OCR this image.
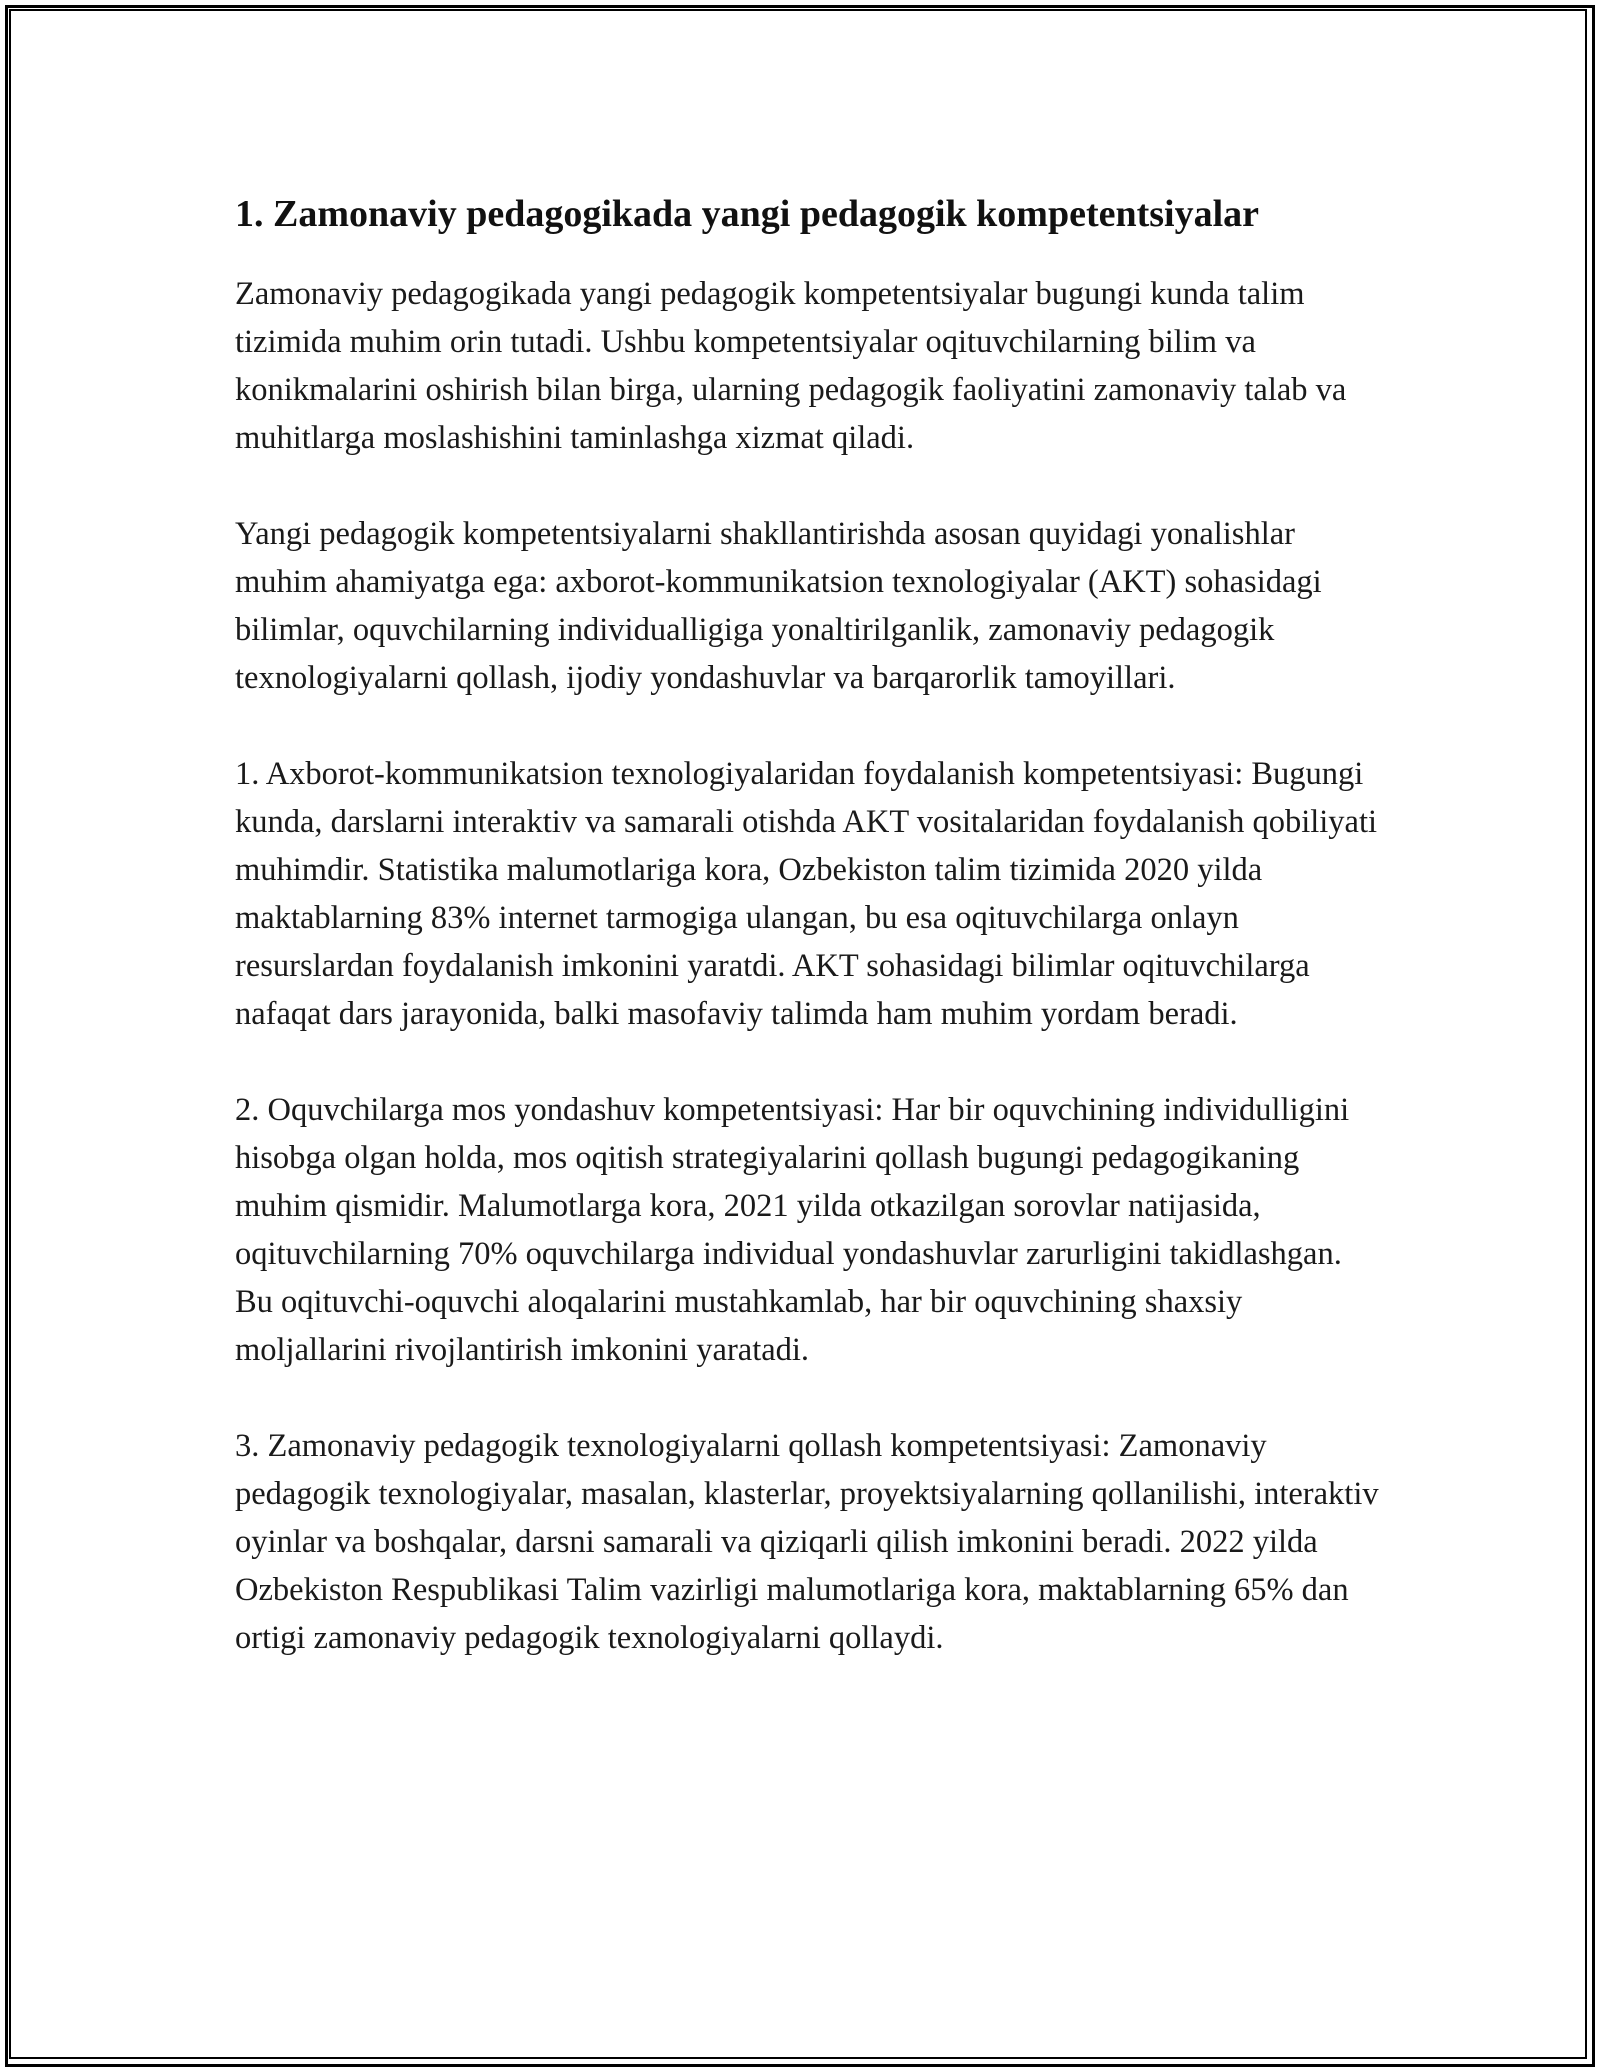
1. Zamonaviy pedagogikada yangi pedagogik kompetentsiyalar

Zamonaviy pedagogikada yangi pedagogik kompetentsiyalar bugungi kunda talim tizimida muhim orin tutadi. Ushbu kompetentsiyalar oqituvchilarning bilim va konikmalarini oshirish bilan birga, ularning pedagogik faoliyatini zamonaviy talab va muhitlarga moslashishini taminlashga xizmat qiladi.

Yangi pedagogik kompetentsiyalarni shakllantirishda asosan quyidagi yonalishlar muhim ahamiyatga ega: axborot-kommunikatsion texnologiyalar (AKT) sohasidagi bilimlar, oquvchilarning individualligiga yonaltirilganlik, zamonaviy pedagogik texnologiyalarni qollash, ijodiy yondashuvlar va barqarorlik tamoyillari.

1. Axborot-kommunikatsion texnologiyalaridan foydalanish kompetentsiyasi: Bugungi kunda, darslarni interaktiv va samarali otishda AKT vositalaridan foydalanish qobiliyati muhimdir. Statistika malumotlariga kora, Ozbekiston talim tizimida 2020 yilda maktablarning 83% internet tarmogiga ulangan, bu esa oqituvchilarga onlayn resurslardan foydalanish imkonini yaratdi. AKT sohasidagi bilimlar oqituvchilarga nafaqat dars jarayonida, balki masofaviy talimda ham muhim yordam beradi.

2. Oquvchilarga mos yondashuv kompetentsiyasi: Har bir oquvchining individulligini hisobga olgan holda, mos oqitish strategiyalarini qollash bugungi pedagogikaning muhim qismidir. Malumotlarga kora, 2021 yilda otkazilgan sorovlar natijasida, oqituvchilarning 70% oquvchilarga individual yondashuvlar zarurligini takidlashgan. Bu oqituvchi-oquvchi aloqalarini mustahkamlab, har bir oquvchining shaxsiy moljallarini rivojlantirish imkonini yaratadi.

3. Zamonaviy pedagogik texnologiyalarni qollash kompetentsiyasi: Zamonaviy pedagogik texnologiyalar, masalan, klasterlar, proyektsiyalarning qollanilishi, interaktiv oyinlar va boshqalar, darsni samarali va qiziqarli qilish imkonini beradi. 2022 yilda Ozbekiston Respublikasi Talim vazirligi malumotlariga kora, maktablarning 65% dan ortigi zamonaviy pedagogik texnologiyalarni qollaydi.
